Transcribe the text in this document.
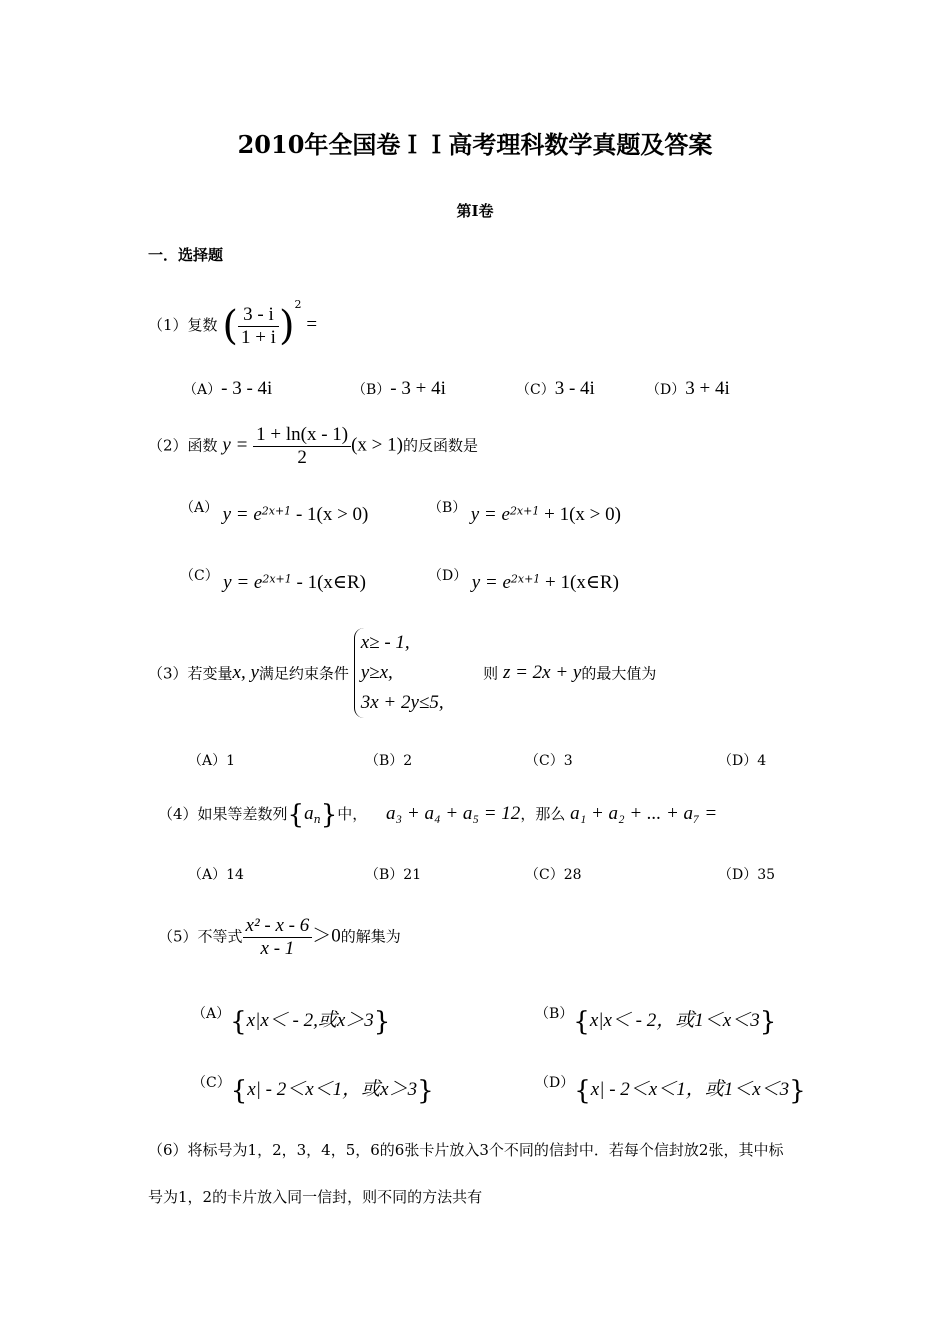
2010年全国卷ＩＩ高考理科数学真题及答案
第I卷
一．选择题
（1）复数 ( $\frac{3 - i}{1 + i} )^2$ =
（A）- 3 - 4i	（B）- 3 + 4i	（C）3 - 4i	（D）3 + 4i
（2）函数 $y = \frac{1 + \ln(x - 1)}{2} (x > 1)$的反函数是
（A） $y = e^{2x+1} - 1(x > 0)$	（B） $y = e^{2x+1} + 1(x > 0)$
（C） $y = e^{2x+1}$ - 1(x∈R)	（D） $y = e^{2x+1}$ + 1(x∈R)
（3）若变量x, y满足约束条件
x≥ - 1,
y≥x,
3x + 2y≤5,
则 z = 2x + y的最大值为
（A）1	（B）2	（C）3	（D）4
（4）如果等差数列$\{a_n\}$中， a₃ + a₄ + a₅ = 12，那么 a₁ + a₂ + ... + a₇ =
（A）14	（B）21	（C）28	（D）35
（5）不等式 $\frac{\text{x² - x - 6}}{x - 1} >0$的解集为
（A）{x|x＜ - 2,或x＞3}	（B）{x|x＜ - 2，或1＜x＜3}
（C）{x| - 2＜x＜1，或x＞3}	（D）{x| - 2＜x＜1，或1＜x＜3}
（6）将标号为1，2，3，4，5，6的6张卡片放入3个不同的信封中．若每个信封放2张，其中标
号为1，2的卡片放入同一信封，则不同的方法共有
